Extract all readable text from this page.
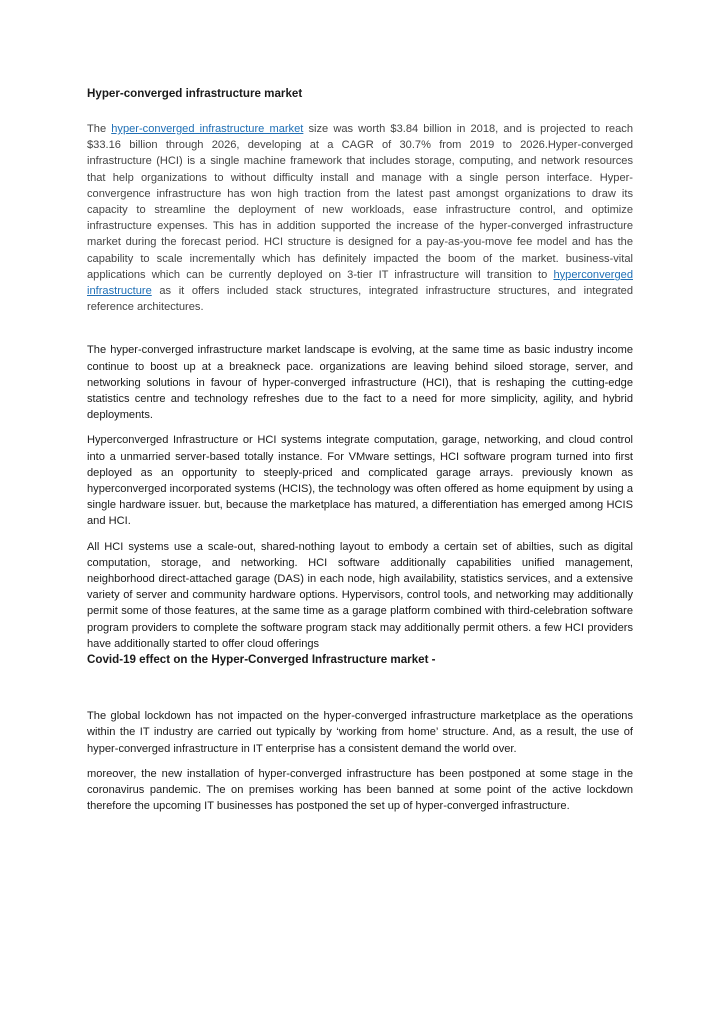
Hyper-converged infrastructure market

The hyper-converged infrastructure market size was worth $3.84 billion in 2018, and is projected to reach $33.16 billion through 2026, developing at a CAGR of 30.7% from 2019 to 2026.Hyper-converged infrastructure (HCI) is a single machine framework that includes storage, computing, and network resources that help organizations to without difficulty install and manage with a single person interface. Hyper-convergence infrastructure has won high traction from the latest past amongst organizations to draw its capacity to streamline the deployment of new workloads, ease infrastructure control, and optimize infrastructure expenses. This has in addition supported the increase of the hyper-converged infrastructure market during the forecast period. HCI structure is designed for a pay-as-you-move fee model and has the capability to scale incrementally which has definitely impacted the boom of the market. business-vital applications which can be currently deployed on 3-tier IT infrastructure will transition to hyperconverged infrastructure as it offers included stack structures, integrated infrastructure structures, and integrated reference architectures.

The hyper-converged infrastructure market landscape is evolving, at the same time as basic industry income continue to boost up at a breakneck pace. organizations are leaving behind siloed storage, server, and networking solutions in favour of hyper-converged infrastructure (HCI), that is reshaping the cutting-edge statistics centre and technology refreshes due to the fact to a need for more simplicity, agility, and hybrid deployments.

Hyperconverged Infrastructure or HCI systems integrate computation, garage, networking, and cloud control into a unmarried server-based totally instance. For VMware settings, HCI software program turned into first deployed as an opportunity to steeply-priced and complicated garage arrays. previously known as hyperconverged incorporated systems (HCIS), the technology was often offered as home equipment by using a single hardware issuer. but, because the marketplace has matured, a differentiation has emerged among HCIS and HCI.

All HCI systems use a scale-out, shared-nothing layout to embody a certain set of abilties, such as digital computation, storage, and networking. HCI software additionally capabilities unified management, neighborhood direct-attached garage (DAS) in each node, high availability, statistics services, and a extensive variety of server and community hardware options. Hypervisors, control tools, and networking may additionally permit some of those features, at the same time as a garage platform combined with third-celebration software program providers to complete the software program stack may additionally permit others. a few HCI providers have additionally started to offer cloud offerings

Covid-19 effect on the Hyper-Converged Infrastructure market -

The global lockdown has not impacted on the hyper-converged infrastructure marketplace as the operations within the IT industry are carried out typically by ‘working from home’ structure. And, as a result, the use of hyper-converged infrastructure in IT enterprise has a consistent demand the world over.

moreover, the new installation of hyper-converged infrastructure has been postponed at some stage in the coronavirus pandemic. The on premises working has been banned at some point of the active lockdown therefore the upcoming IT businesses has postponed the set up of hyper-converged infrastructure.
